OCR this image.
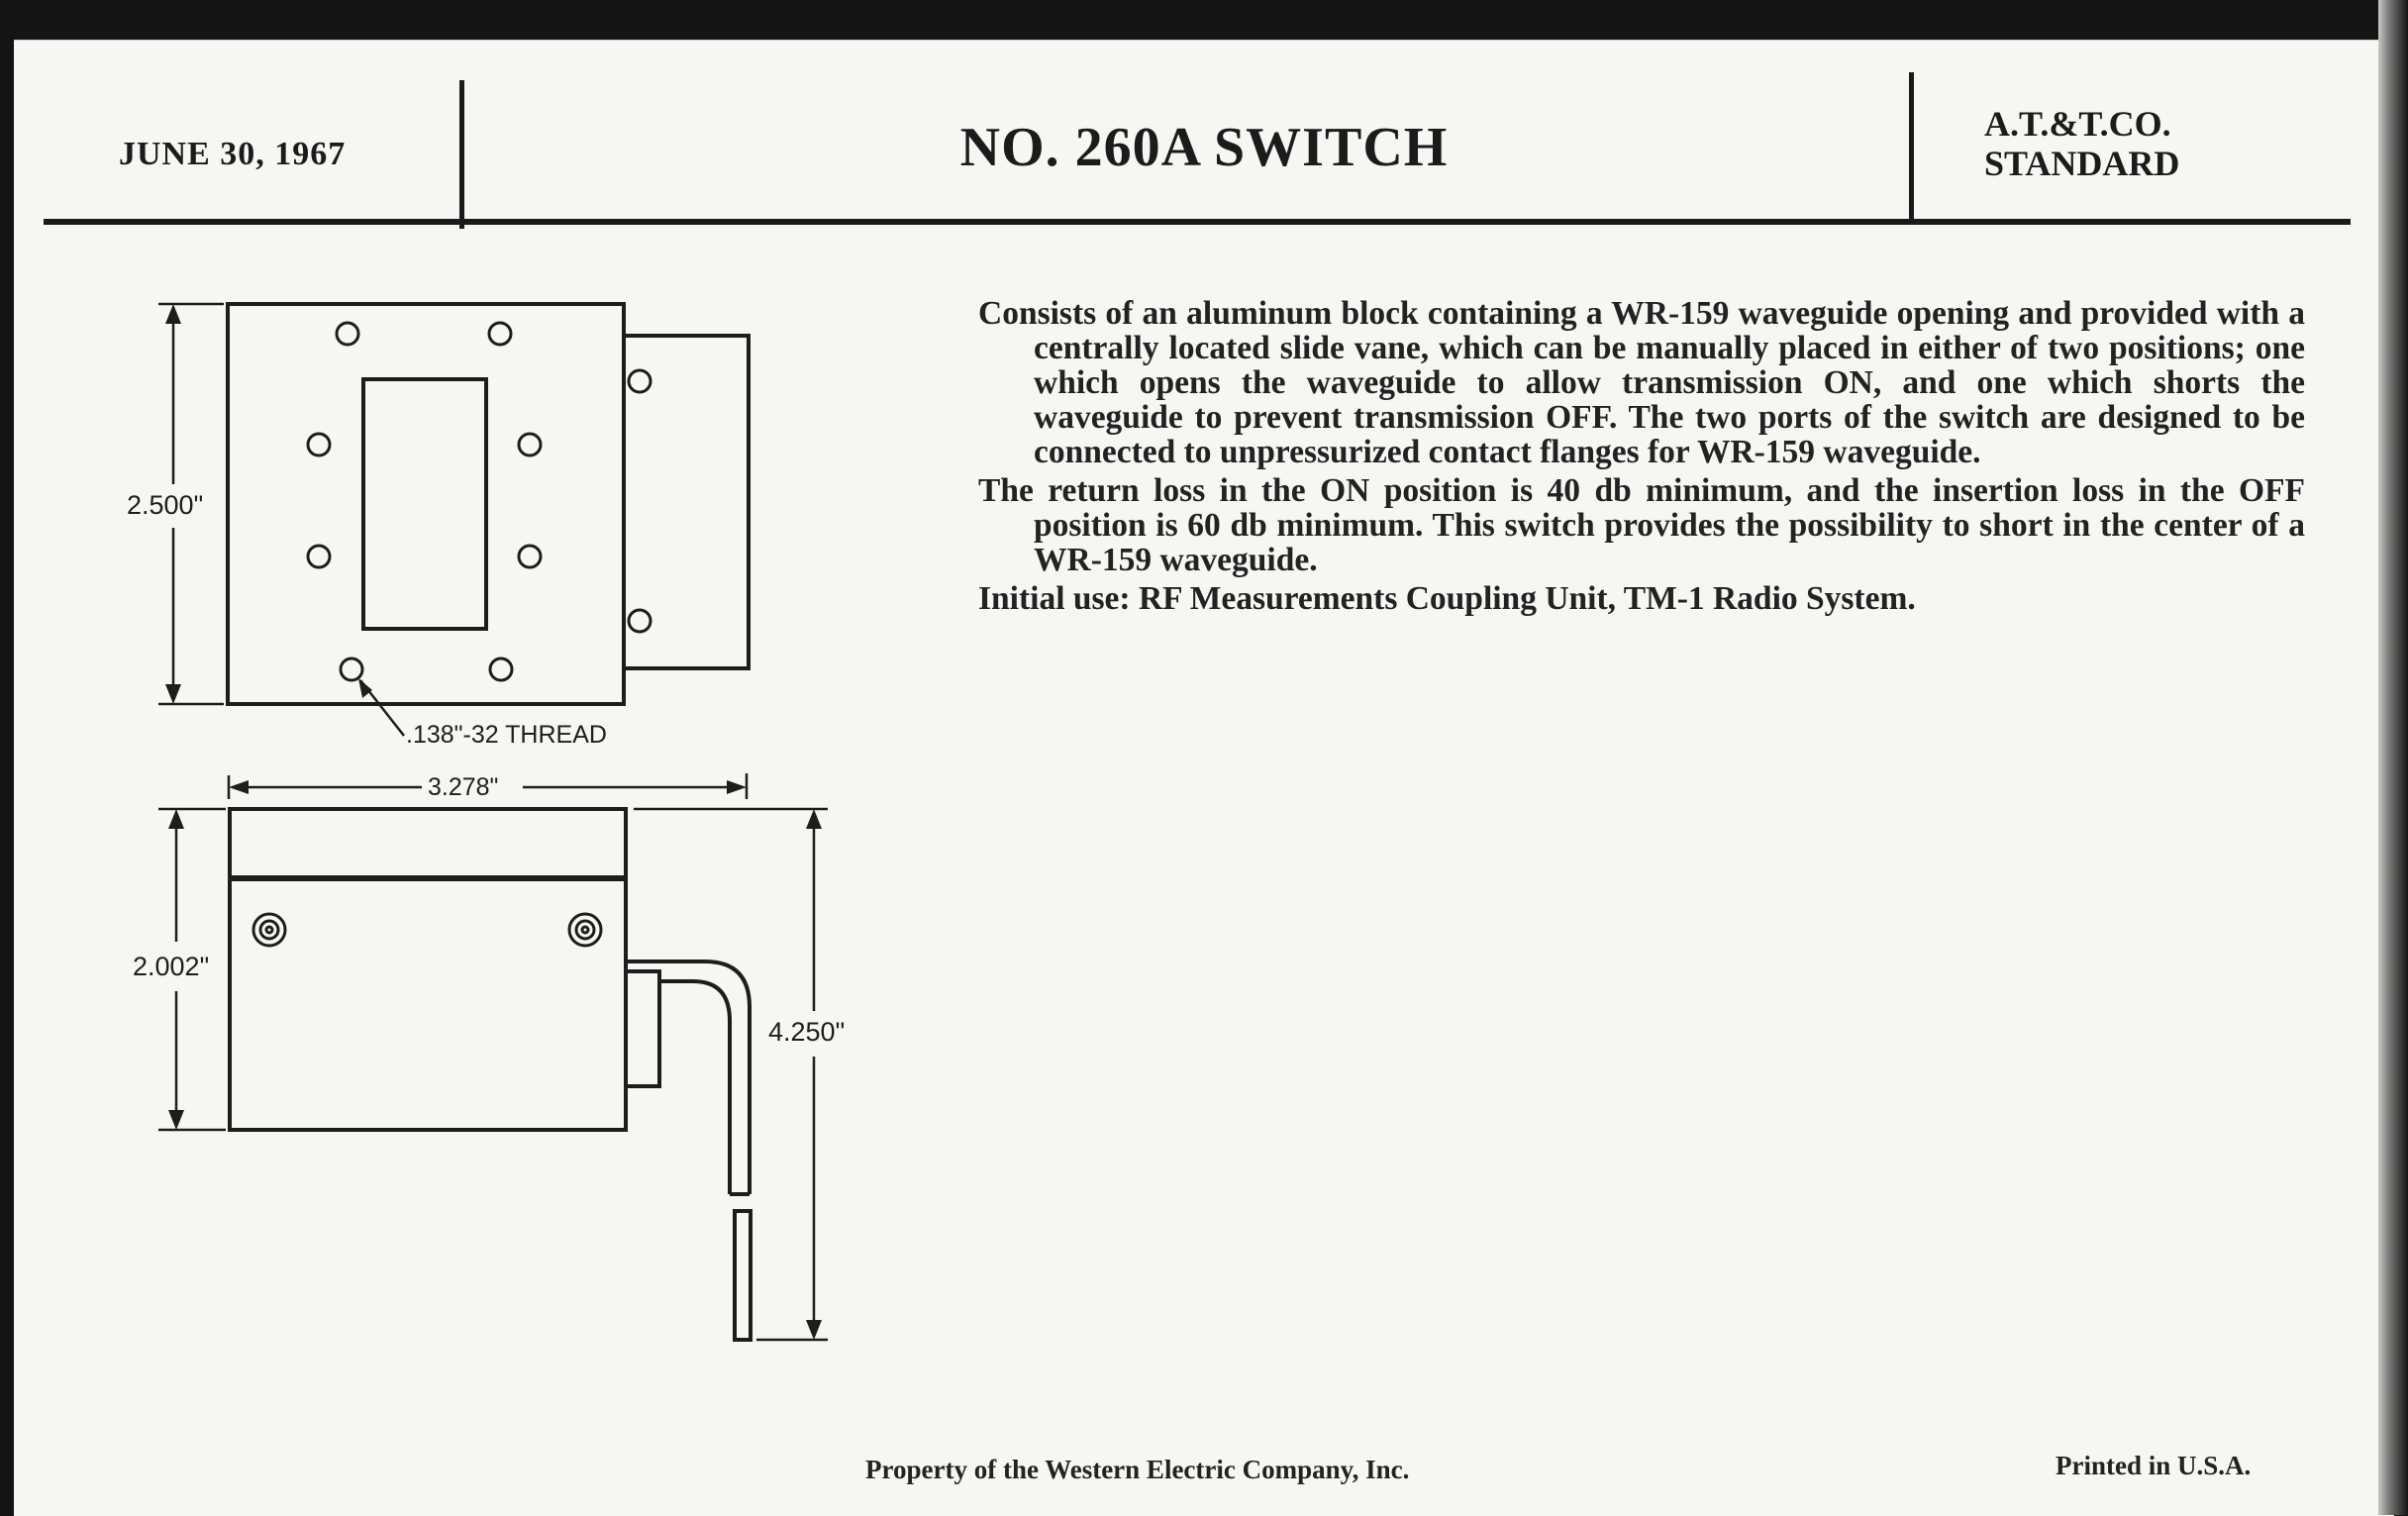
JUNE 30, 1967	NO. 260A SWITCH	A.T.&T.CO.
STANDARD
2.500"
.138"-32 THREAD
3.278"
2.002"
4.250"

Consists of an aluminum block containing a WR-159 waveguide opening and provided with a centrally located slide vane, which can be manually placed in either of two positions; one which opens the waveguide to allow transmission ON, and one which shorts the waveguide to prevent transmission OFF. The two ports of the switch are designed to be connected to unpressurized contact flanges for WR-159 waveguide.

The return loss in the ON position is 40 db minimum, and the insertion loss in the OFF position is 60 db minimum. This switch provides the possibility to short in the center of a WR-159 waveguide.

Initial use: RF Measurements Coupling Unit, TM-1 Radio System.

Property of the Western Electric Company, Inc.	Printed in U.S.A.
